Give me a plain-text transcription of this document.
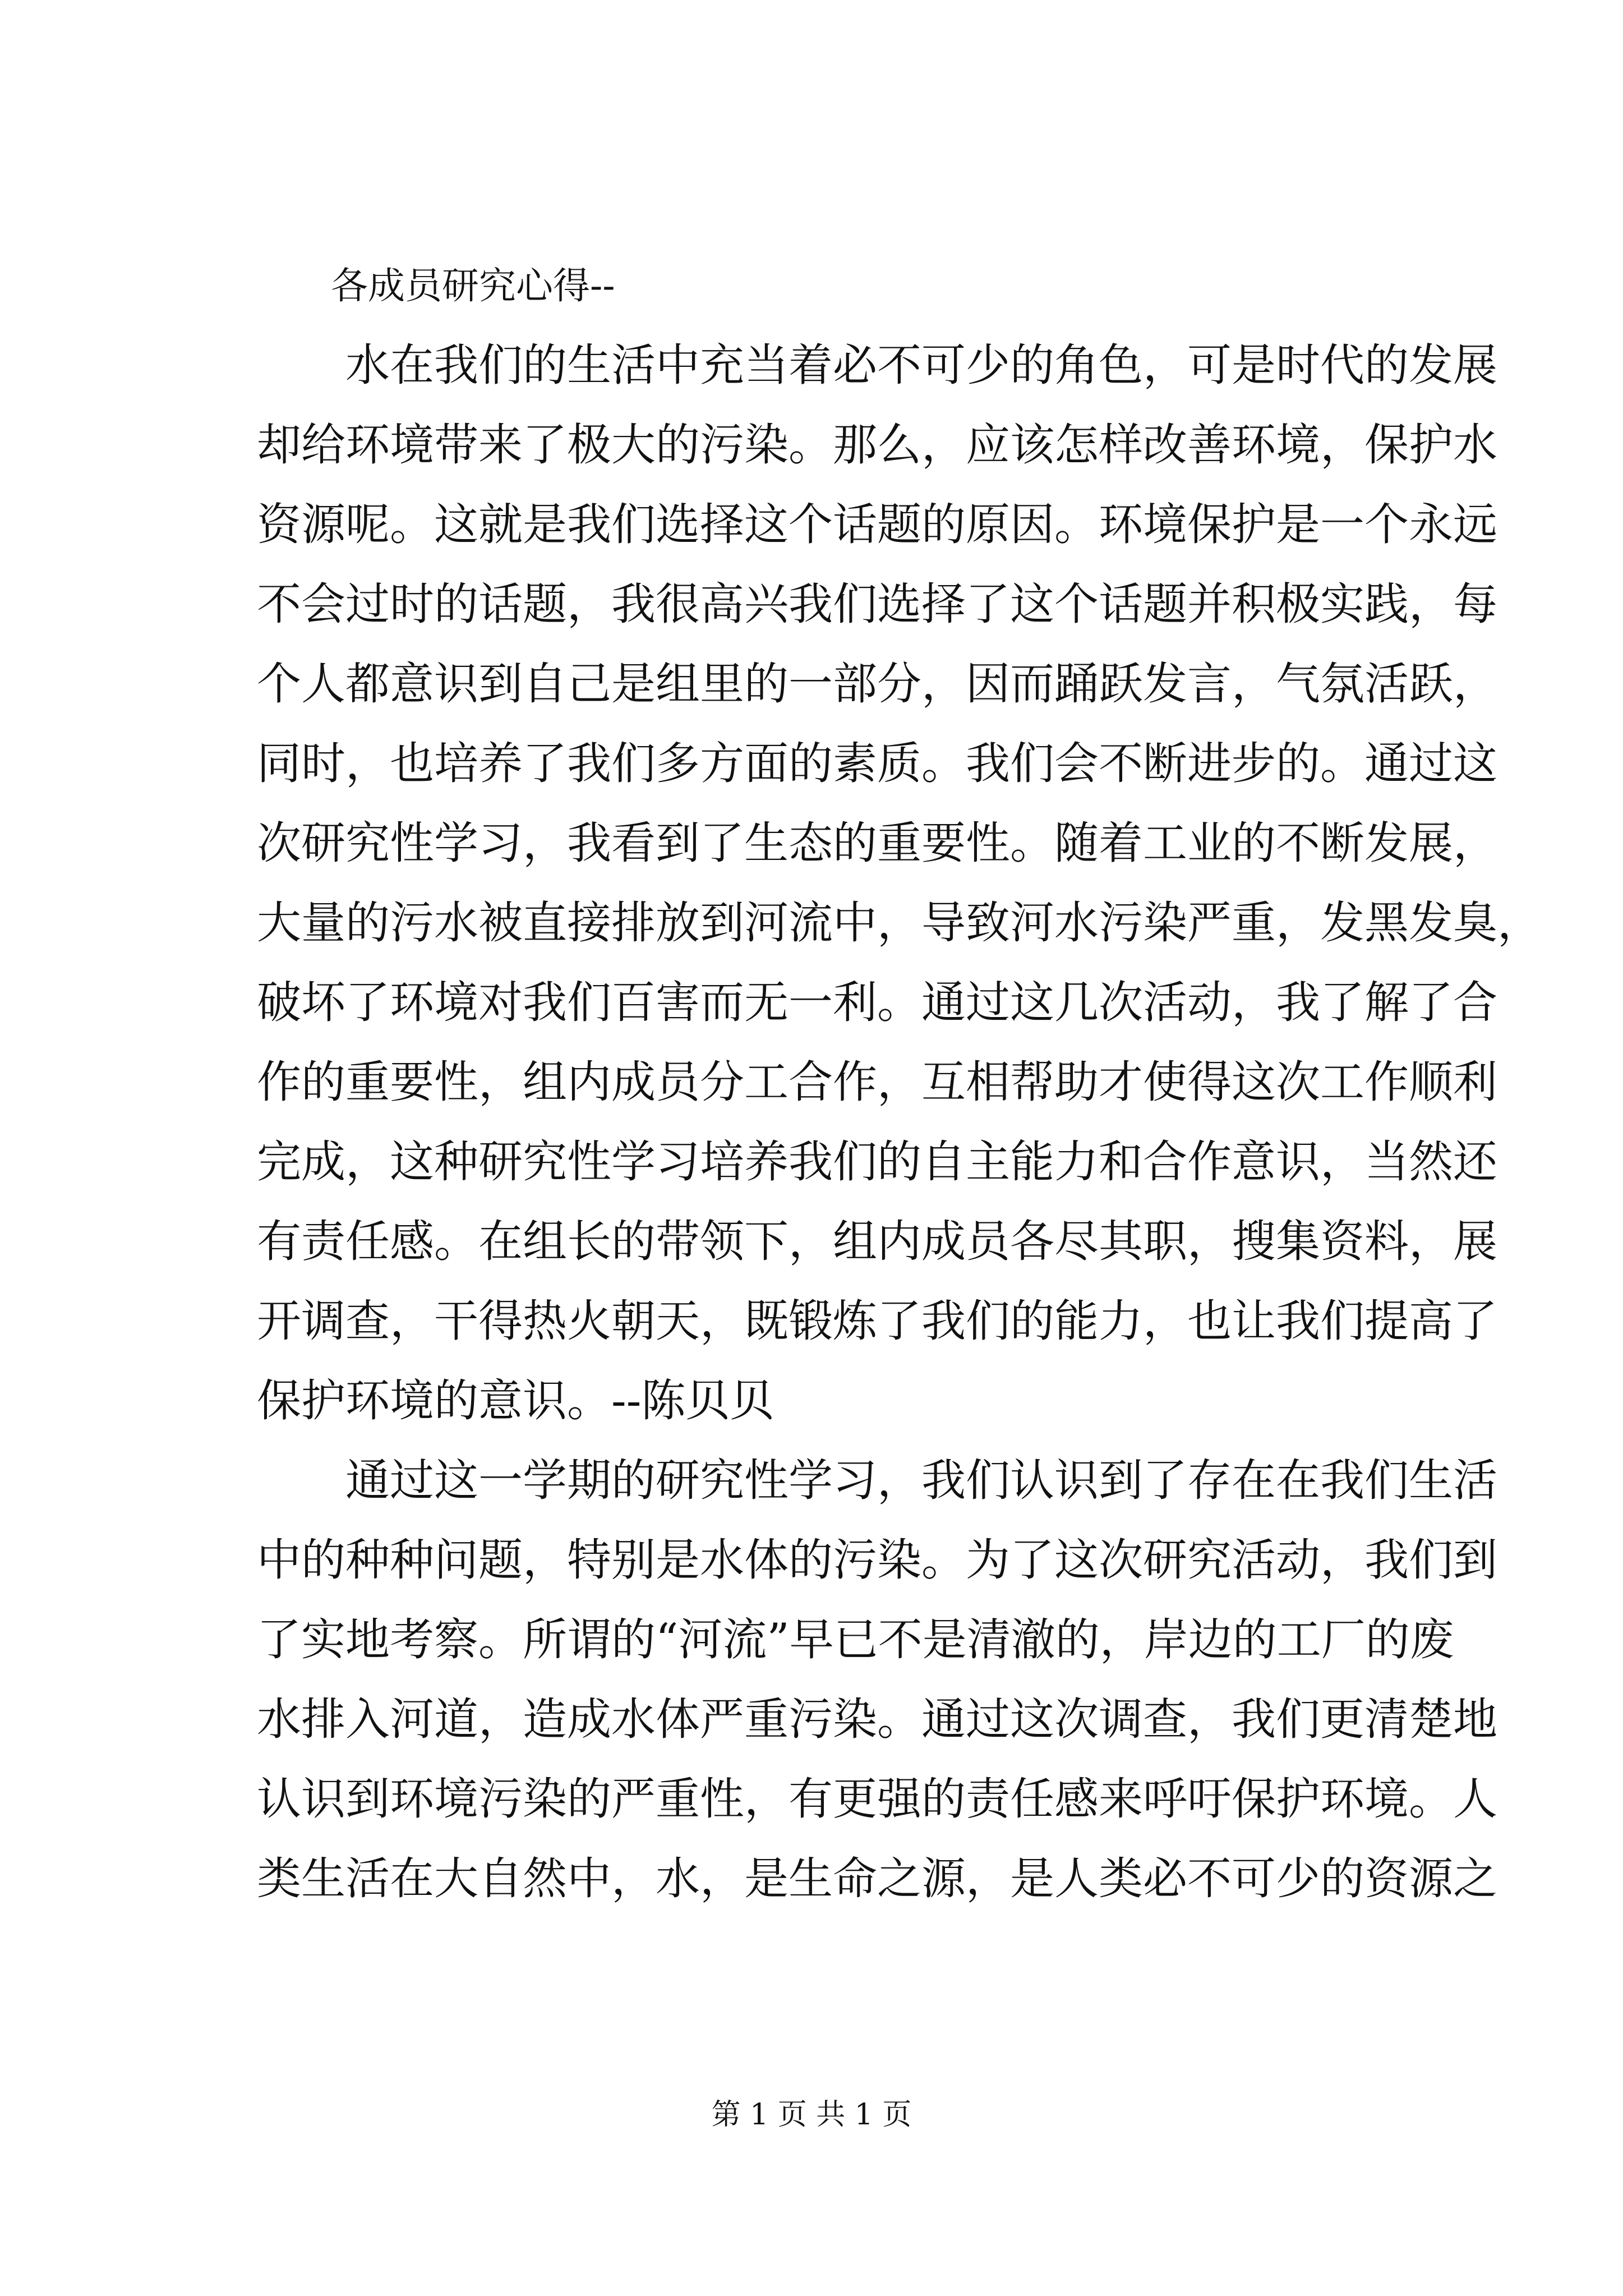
各成员研究心得--

水在我们的生活中充当着必不可少的角色，可是时代的发展
却给环境带来了极大的污染。那么，应该怎样改善环境，保护水
资源呢。这就是我们选择这个话题的原因。环境保护是一个永远
不会过时的话题，我很高兴我们选择了这个话题并积极实践，每
个人都意识到自己是组里的一部分，因而踊跃发言，气氛活跃，
同时，也培养了我们多方面的素质。我们会不断进步的。通过这
次研究性学习，我看到了生态的重要性。随着工业的不断发展，
大量的污水被直接排放到河流中，导致河水污染严重，发黑发臭，
破坏了环境对我们百害而无一利。通过这几次活动，我了解了合
作的重要性，组内成员分工合作，互相帮助才使得这次工作顺利
完成，这种研究性学习培养我们的自主能力和合作意识，当然还
有责任感。在组长的带领下，组内成员各尽其职，搜集资料，展
开调查，干得热火朝天，既锻炼了我们的能力，也让我们提高了
保护环境的意识。--陈贝贝

通过这一学期的研究性学习，我们认识到了存在在我们生活
中的种种问题，特别是水体的污染。为了这次研究活动，我们到
了实地考察。所谓的“河流”早已不是清澈的，岸边的工厂的废
水排入河道，造成水体严重污染。通过这次调查，我们更清楚地
认识到环境污染的严重性，有更强的责任感来呼吁保护环境。人
类生活在大自然中，水，是生命之源，是人类必不可少的资源之

第 1 页 共 1 页
